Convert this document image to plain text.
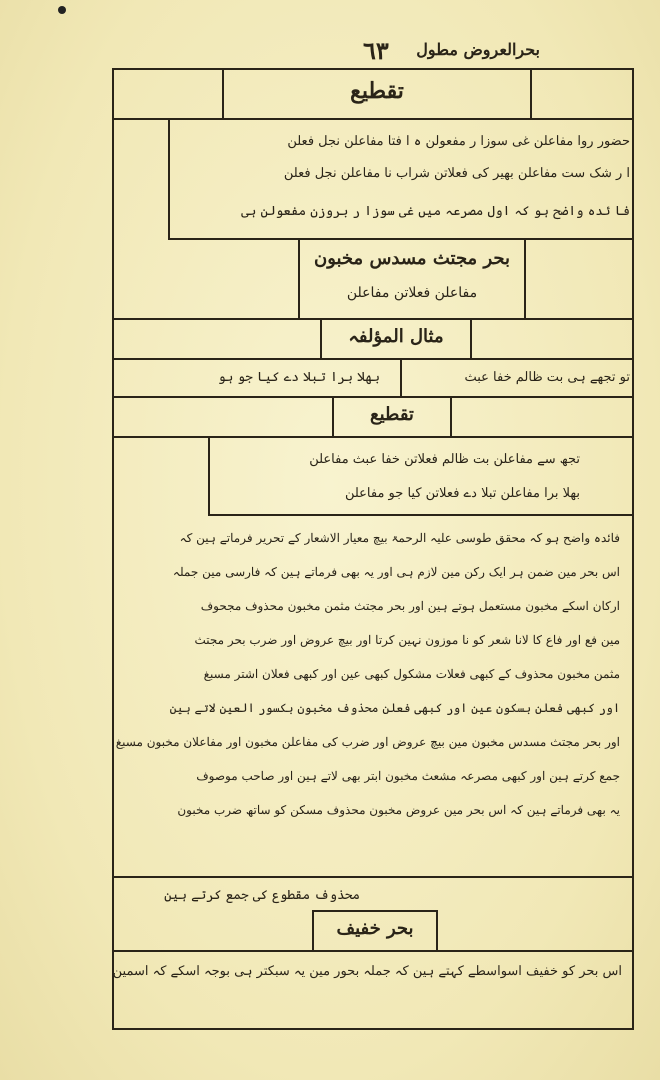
٦٣ بحرالعروض مطول
تقطیع
حضور روا مفاعلن غی سوزا ر مفعولن ہ ا فتا مفاعلن نجل فعلن
ا ر شک ست مفاعلن بھیر کی فعلاتن شراب نا مفاعلن نجل فعلن
فا ئدہ واضح ہو کہ اول مصرعہ میں غی سوزا ر بروزن مفعولن ہی
بحر مجتث مسدس مخبون
مفاعلن فعلاتن مفاعلن
مثال المؤلفہ
تو تجھے ہی بت ظالم خفا عبث
بھلا برا تبلا دے کیا جو ہو
تقطیع
تجھ سے مفاعلن بت ظالم فعلاتن خفا عبث مفاعلن
بھلا برا مفاعلن تبلا دے فعلاتن کیا جو مفاعلن
فائدہ واضح ہو کہ محقق طوسی علیہ الرحمۃ بیچ معیار الاشعار کے تحریر فرماتے ہین کہ
اس بحر مین ضمن ہر ایک رکن مین لازم ہی اور یہ بھی فرماتے ہین کہ فارسی مین جملہ
ارکان اسکے مخبون مستعمل ہوتے ہین اور بحر مجتث مثمن مخبون محذوف مجحوف
مین فع اور فاع کا لانا شعر کو نا موزون نہین کرتا اور بیچ عروض اور ضرب بحر مجتث
مثمن مخبون محذوف کے کبھی فعلات مشکول کبھی عین اور کبھی فعلان اشتر مسبغ
اور کبھی فعلن بسکون عین اور کبھی فعلن محذوف مخبون بکسور العین لاتے ہین
اور بحر مجتث مسدس مخبون مین بیچ عروض اور ضرب کی مفاعلن مخبون اور مفاعلان مخبون مسبغ
جمع کرتے ہین اور کبھی مصرعہ مشعث مخبون ابتر بھی لاتے ہین اور صاحب موصوف
یہ بھی فرماتے ہین کہ اس بحر مین عروض مخبون محذوف مسکن کو ساتھ ضرب مخبون
محذوف مقطوع کی جمع کرتے ہین
بحر خفیف
اس بحر کو خفیف اسواسطے کہتے ہین کہ جملہ بحور مین یہ سبکتر ہی بوجہ اسکے کہ اسمین
